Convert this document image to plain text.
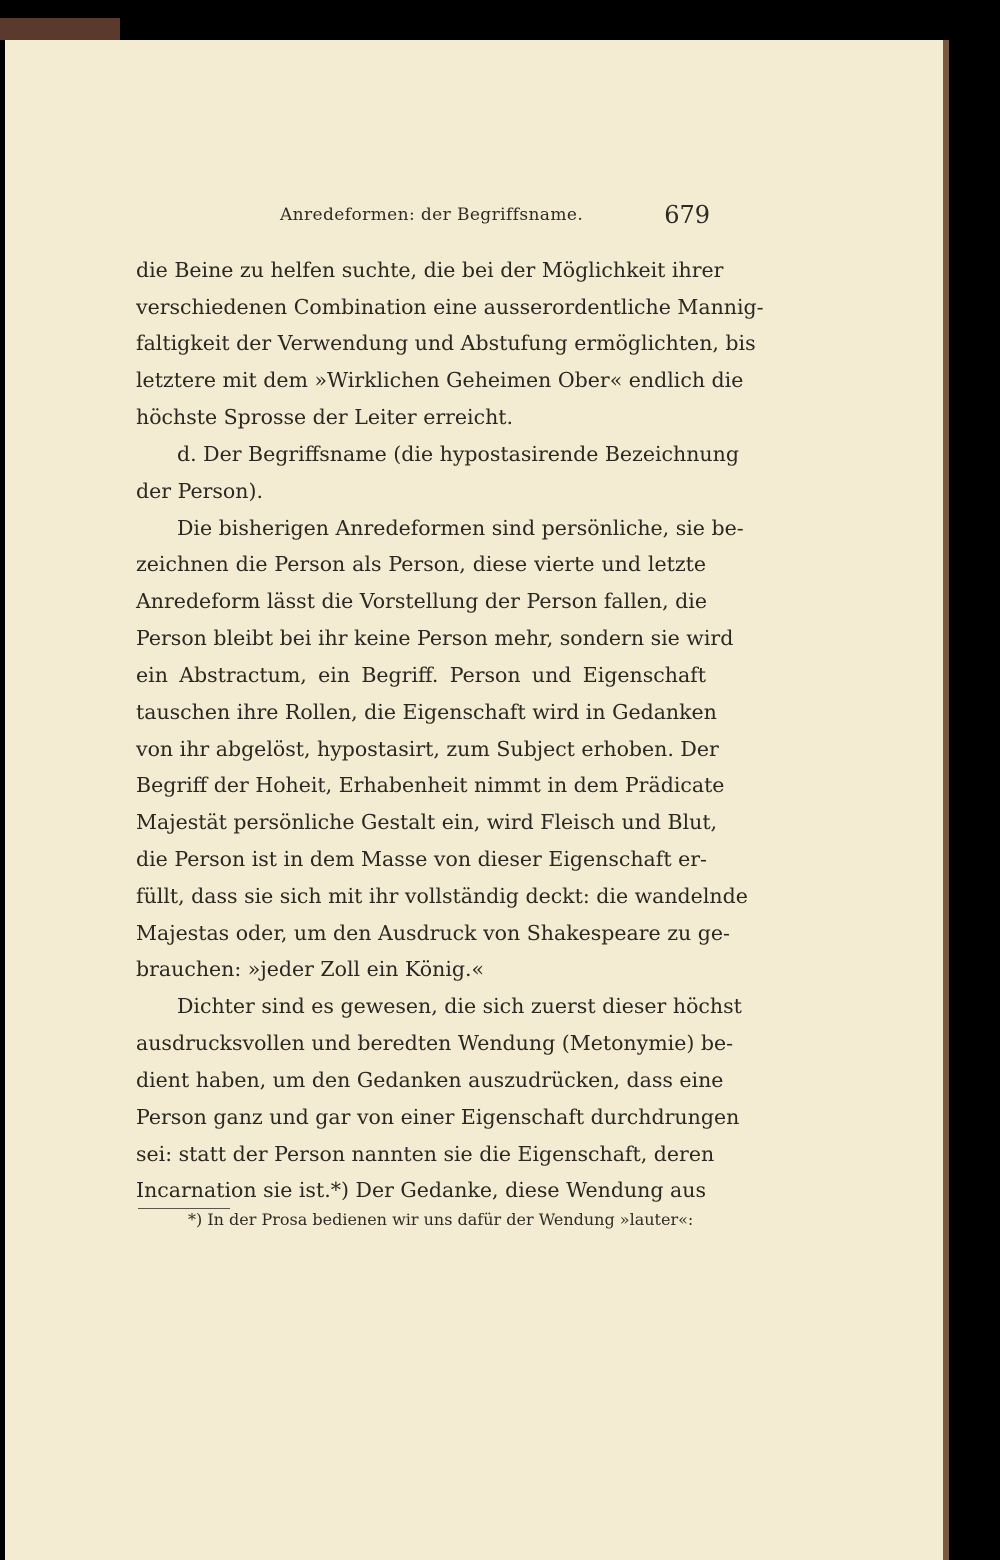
Anredeformen: der Begriffsname.	679
die Beine zu helfen suchte, die bei der Möglichkeit ihrer
verschiedenen Combination eine ausserordentliche Mannig-
faltigkeit der Verwendung und Abstufung ermöglichten, bis
letztere mit dem »Wirklichen Geheimen Ober« endlich die
höchste Sprosse der Leiter erreicht.
d. Der Begriffsname (die hypostasirende Bezeichnung
der Person).
Die bisherigen Anredeformen sind persönliche, sie be-
zeichnen die Person als Person, diese vierte und letzte
Anredeform lässt die Vorstellung der Person fallen, die
Person bleibt bei ihr keine Person mehr, sondern sie wird
ein Abstractum, ein Begriff. Person und Eigenschaft
tauschen ihre Rollen, die Eigenschaft wird in Gedanken
von ihr abgelöst, hypostasirt, zum Subject erhoben. Der
Begriff der Hoheit, Erhabenheit nimmt in dem Prädicate
Majestät persönliche Gestalt ein, wird Fleisch und Blut,
die Person ist in dem Masse von dieser Eigenschaft er-
füllt, dass sie sich mit ihr vollständig deckt: die wandelnde
Majestas oder, um den Ausdruck von Shakespeare zu ge-
brauchen: »jeder Zoll ein König.«
Dichter sind es gewesen, die sich zuerst dieser höchst
ausdrucksvollen und beredten Wendung (Metonymie) be-
dient haben, um den Gedanken auszudrücken, dass eine
Person ganz und gar von einer Eigenschaft durchdrungen
sei: statt der Person nannten sie die Eigenschaft, deren
Incarnation sie ist.*) Der Gedanke, diese Wendung aus
*) In der Prosa bedienen wir uns dafür der Wendung »lauter«:
